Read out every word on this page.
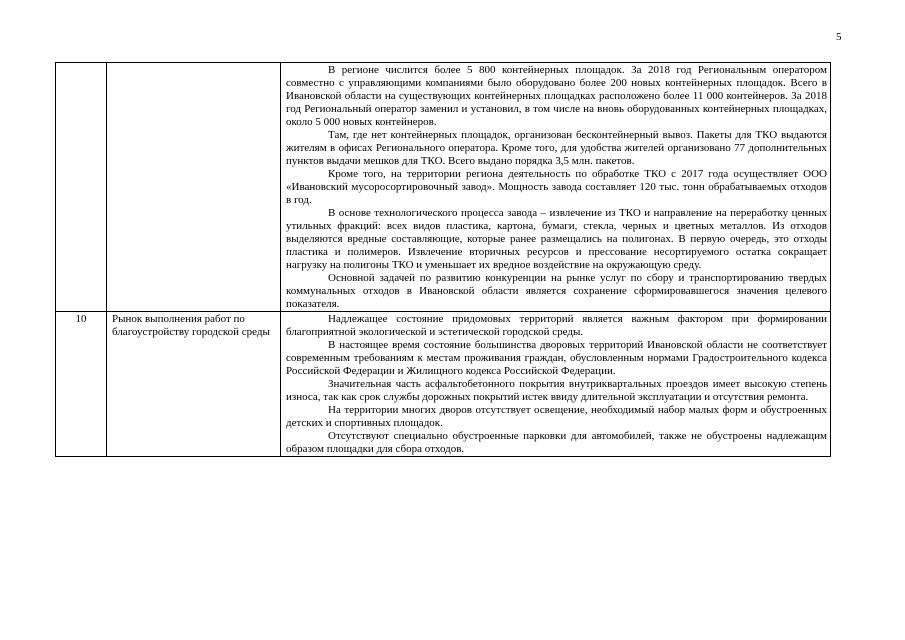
5

		В регионе числится более 5 800 контейнерных площадок. За 2018 год Региональным оператором совместно с управляющими компаниями было оборудовано более 200 новых контейнерных площадок. Всего в Ивановской области на существующих контейнерных площадках расположено более 11 000 контейнеров. За 2018 год Региональный оператор заменил и установил, в том числе на вновь оборудованных контейнерных площадках, около 5 000 новых контейнеров.

Там, где нет контейнерных площадок, организован бесконтейнерный вывоз. Пакеты для ТКО выдаются жителям в офисах Регионального оператора. Кроме того, для удобства жителей организовано 77 дополнительных пунктов выдачи мешков для ТКО. Всего выдано порядка 3,5 млн. пакетов.

Кроме того, на территории региона деятельность по обработке ТКО с 2017 года осуществляет ООО «Ивановский мусоросортировочный завод». Мощность завода составляет 120 тыс. тонн обрабатываемых отходов в год.

В основе технологического процесса завода – извлечение из ТКО и направление на переработку ценных утильных фракций: всех видов пластика, картона, бумаги, стекла, черных и цветных металлов. Из отходов выделяются вредные составляющие, которые ранее размещались на полигонах. В первую очередь, это отходы пластика и полимеров. Извлечение вторичных ресурсов и прессование несортируемого остатка сокращает нагрузку на полигоны ТКО и уменьшает их вредное воздействие на окружающую среду.

Основной задачей по развитию конкуренции на рынке услуг по сбору и транспортированию твердых коммунальных отходов в Ивановской области является сохранение сформировавшегося значения целевого показателя.

10	Рынок выполнения работ по благоустройству городской среды	Надлежащее состояние придомовых территорий является важным фактором при формировании благоприятной экологической и эстетической городской среды.

В настоящее время состояние большинства дворовых территорий Ивановской области не соответствует современным требованиям к местам проживания граждан, обусловленным нормами Градостроительного кодекса Российской Федерации и Жилищного кодекса Российской Федерации.

Значительная часть асфальтобетонного покрытия внутриквартальных проездов имеет высокую степень износа, так как срок службы дорожных покрытий истек ввиду длительной эксплуатации и отсутствия ремонта.

На территории многих дворов отсутствует освещение, необходимый набор малых форм и обустроенных детских и спортивных площадок.

Отсутствуют специально обустроенные парковки для автомобилей, также не обустроены надлежащим образом площадки для сбора отходов.
